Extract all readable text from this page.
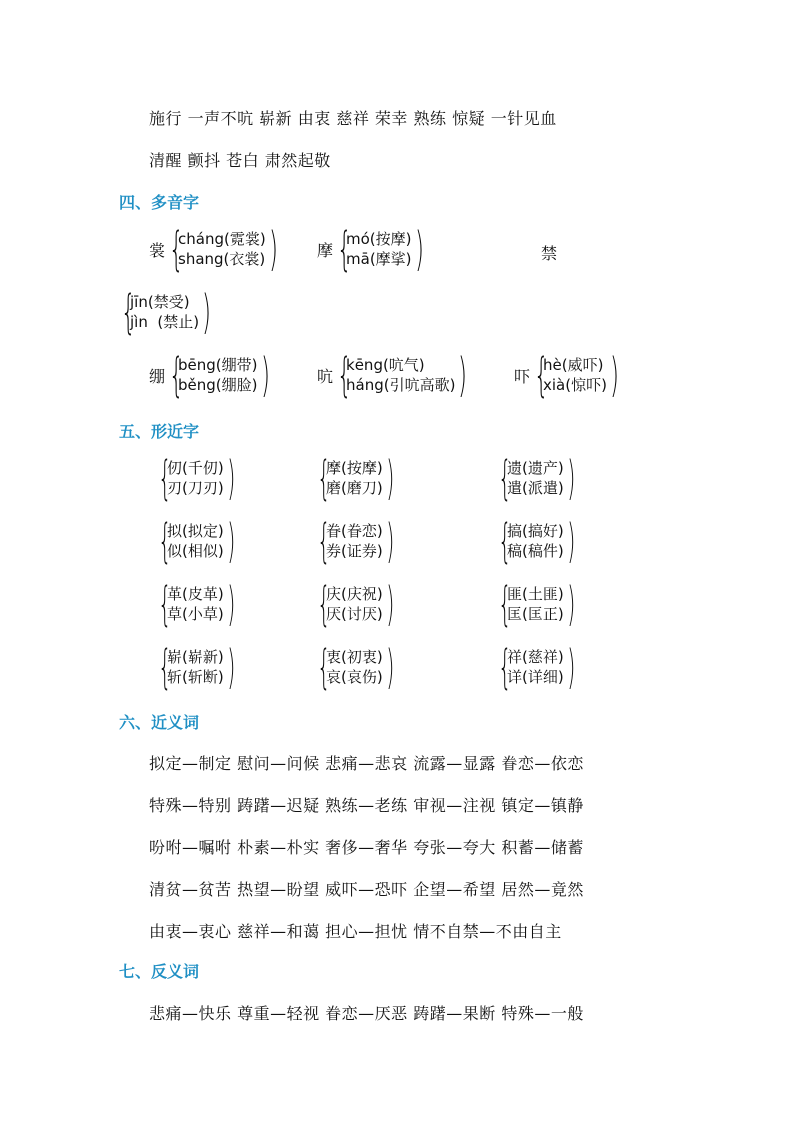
施行 一声不吭 崭新 由衷 慈祥 荣幸 熟练 惊疑 一针见血
清醒 颤抖 苍白 肃然起敬
四、多音字
裳 {
cháng(霓裳)
shang(衣裳) ) 摩 {
mó(按摩)
mā(摩挲) )	禁
{
jīn(禁受)
jìn  (禁止) )
绷 {
bēng(绷带)
běng(绷脸) )	吭 {
kēng(吭气)
háng(引吭高歌) )	吓 {
hè(威吓)
xià(惊吓) )
五、形近字
{
仞(千仞)
刃(刀刃) ) {
摩(按摩)
磨(磨刀) ) {
遗(遗产)
遣(派遣) )
{
拟(拟定)
似(相似) ) {
眷(眷恋)
券(证券) ) {
搞(搞好)
稿(稿件) )
{
革(皮革)
草(小草) ) {
庆(庆祝)
厌(讨厌) ) {
匪(土匪)
匡(匡正) )
{
崭(崭新)
斩(斩断) ) {
衷(初衷)
哀(哀伤) ) {
祥(慈祥)
详(详细) )
六、近义词
拟定—制定 慰问—问候 悲痛—悲哀 流露—显露 眷恋—依恋
特殊—特别 踌躇—迟疑 熟练—老练 审视—注视 镇定—镇静
吩咐—嘱咐 朴素—朴实 奢侈—奢华 夸张—夸大 积蓄—储蓄
清贫—贫苦 热望—盼望 威吓—恐吓 企望—希望 居然—竟然
由衷—衷心 慈祥—和蔼 担心—担忧 情不自禁—不由自主
七、反义词
悲痛—快乐 尊重—轻视 眷恋—厌恶 踌躇—果断 特殊—一般
